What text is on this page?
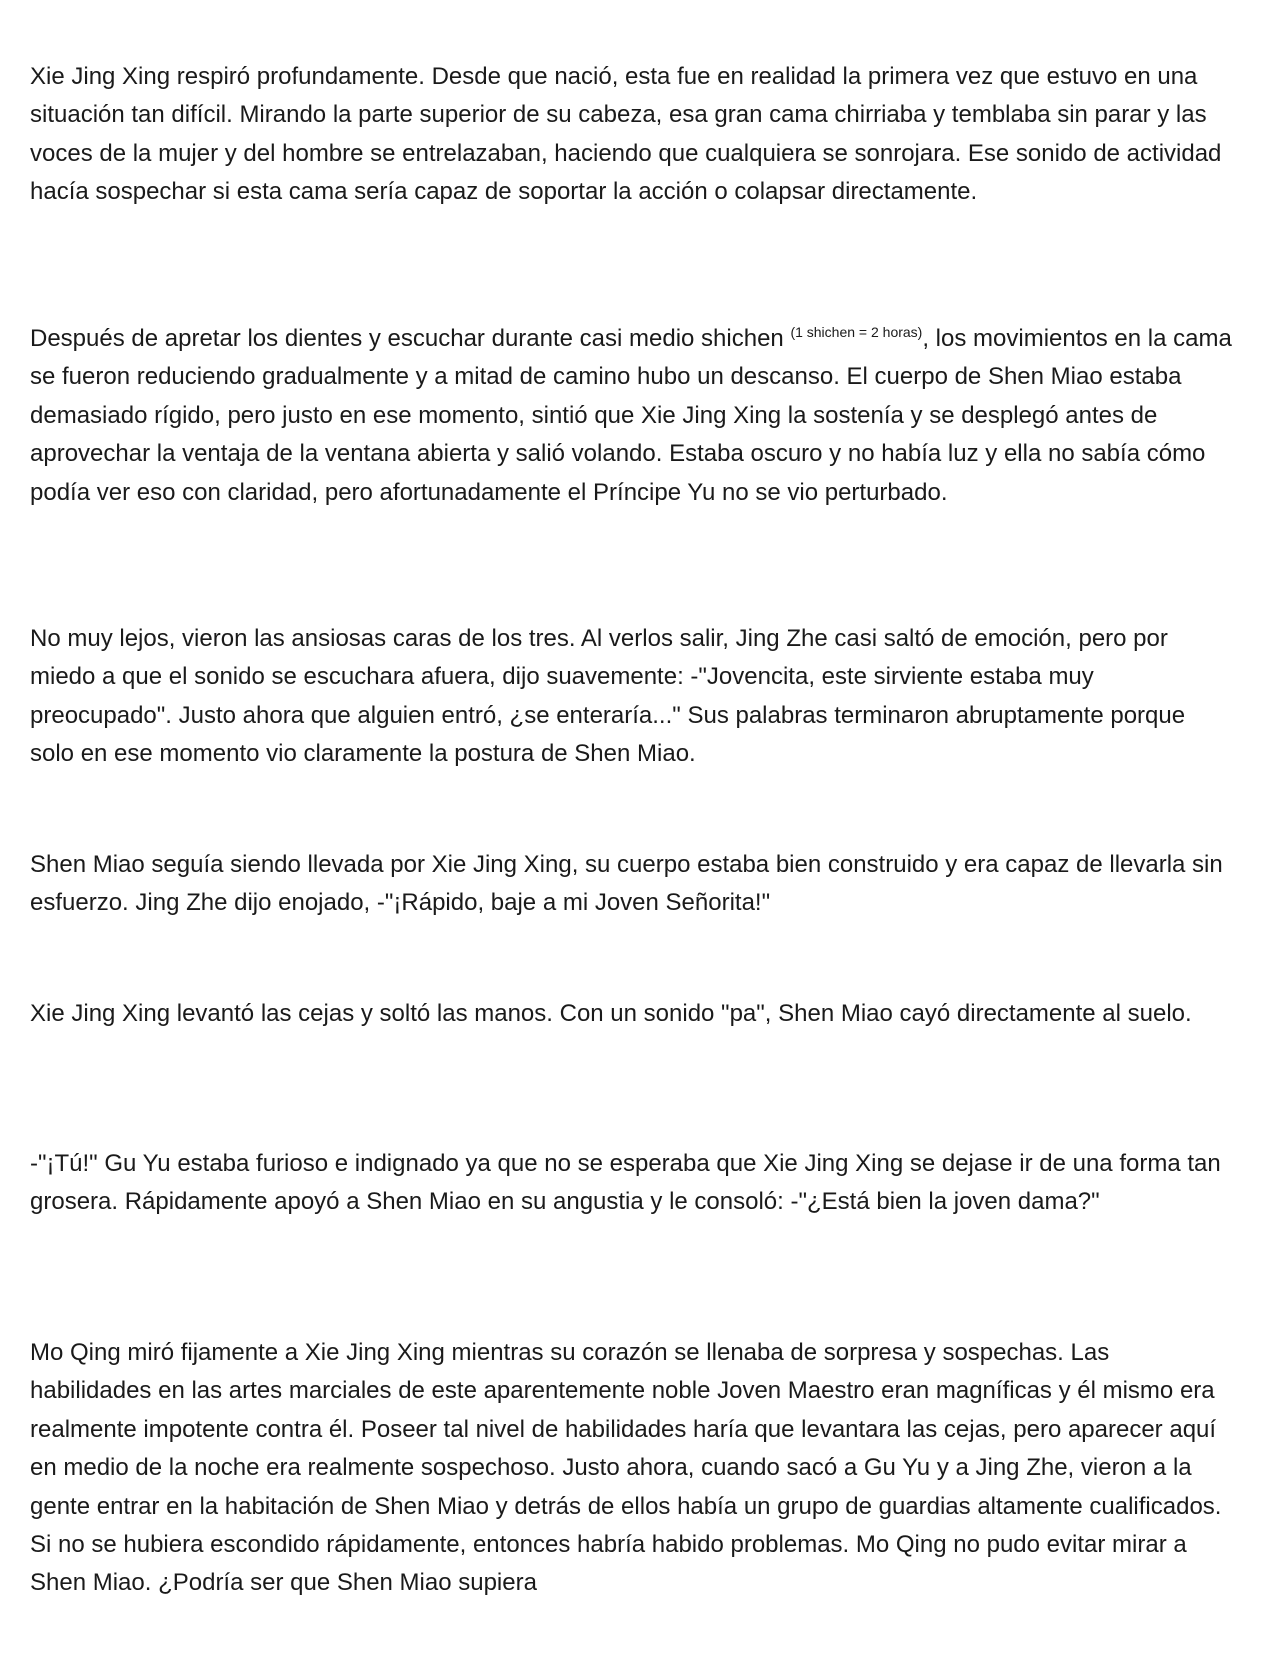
Xie Jing Xing respiró profundamente. Desde que nació, esta fue en realidad la primera vez que estuvo en una situación tan difícil. Mirando la parte superior de su cabeza, esa gran cama chirriaba y temblaba sin parar y las voces de la mujer y del hombre se entrelazaban, haciendo que cualquiera se sonrojara. Ese sonido de actividad hacía sospechar si esta cama sería capaz de soportar la acción o colapsar directamente.

Después de apretar los dientes y escuchar durante casi medio shichen $^{(1 shichen = 2 horas)}$, los movimientos en la cama se fueron reduciendo gradualmente y a mitad de camino hubo un descanso. El cuerpo de Shen Miao estaba demasiado rígido, pero justo en ese momento, sintió que Xie Jing Xing la sostenía y se desplegó antes de aprovechar la ventaja de la ventana abierta y salió volando. Estaba oscuro y no había luz y ella no sabía cómo podía ver eso con claridad, pero afortunadamente el Príncipe Yu no se vio perturbado.

No muy lejos, vieron las ansiosas caras de los tres. Al verlos salir, Jing Zhe casi saltó de emoción, pero por miedo a que el sonido se escuchara afuera, dijo suavemente: -"Jovencita, este sirviente estaba muy preocupado". Justo ahora que alguien entró, ¿se enteraría..." Sus palabras terminaron abruptamente porque solo en ese momento vio claramente la postura de Shen Miao.

Shen Miao seguía siendo llevada por Xie Jing Xing, su cuerpo estaba bien construido y era capaz de llevarla sin esfuerzo. Jing Zhe dijo enojado, -"¡Rápido, baje a mi Joven Señorita!"

Xie Jing Xing levantó las cejas y soltó las manos. Con un sonido "pa", Shen Miao cayó directamente al suelo.

-"¡Tú!" Gu Yu estaba furioso e indignado ya que no se esperaba que Xie Jing Xing se dejase ir de una forma tan grosera. Rápidamente apoyó a Shen Miao en su angustia y le consoló: -"¿Está bien la joven dama?"

Mo Qing miró fijamente a Xie Jing Xing mientras su corazón se llenaba de sorpresa y sospechas. Las habilidades en las artes marciales de este aparentemente noble Joven Maestro eran magníficas y él mismo era realmente impotente contra él. Poseer tal nivel de habilidades haría que levantara las cejas, pero aparecer aquí en medio de la noche era realmente sospechoso. Justo ahora, cuando sacó a Gu Yu y a Jing Zhe, vieron a la gente entrar en la habitación de Shen Miao y detrás de ellos había un grupo de guardias altamente cualificados. Si no se hubiera escondido rápidamente, entonces habría habido problemas. Mo Qing no pudo evitar mirar a Shen Miao. ¿Podría ser que Shen Miao supiera
